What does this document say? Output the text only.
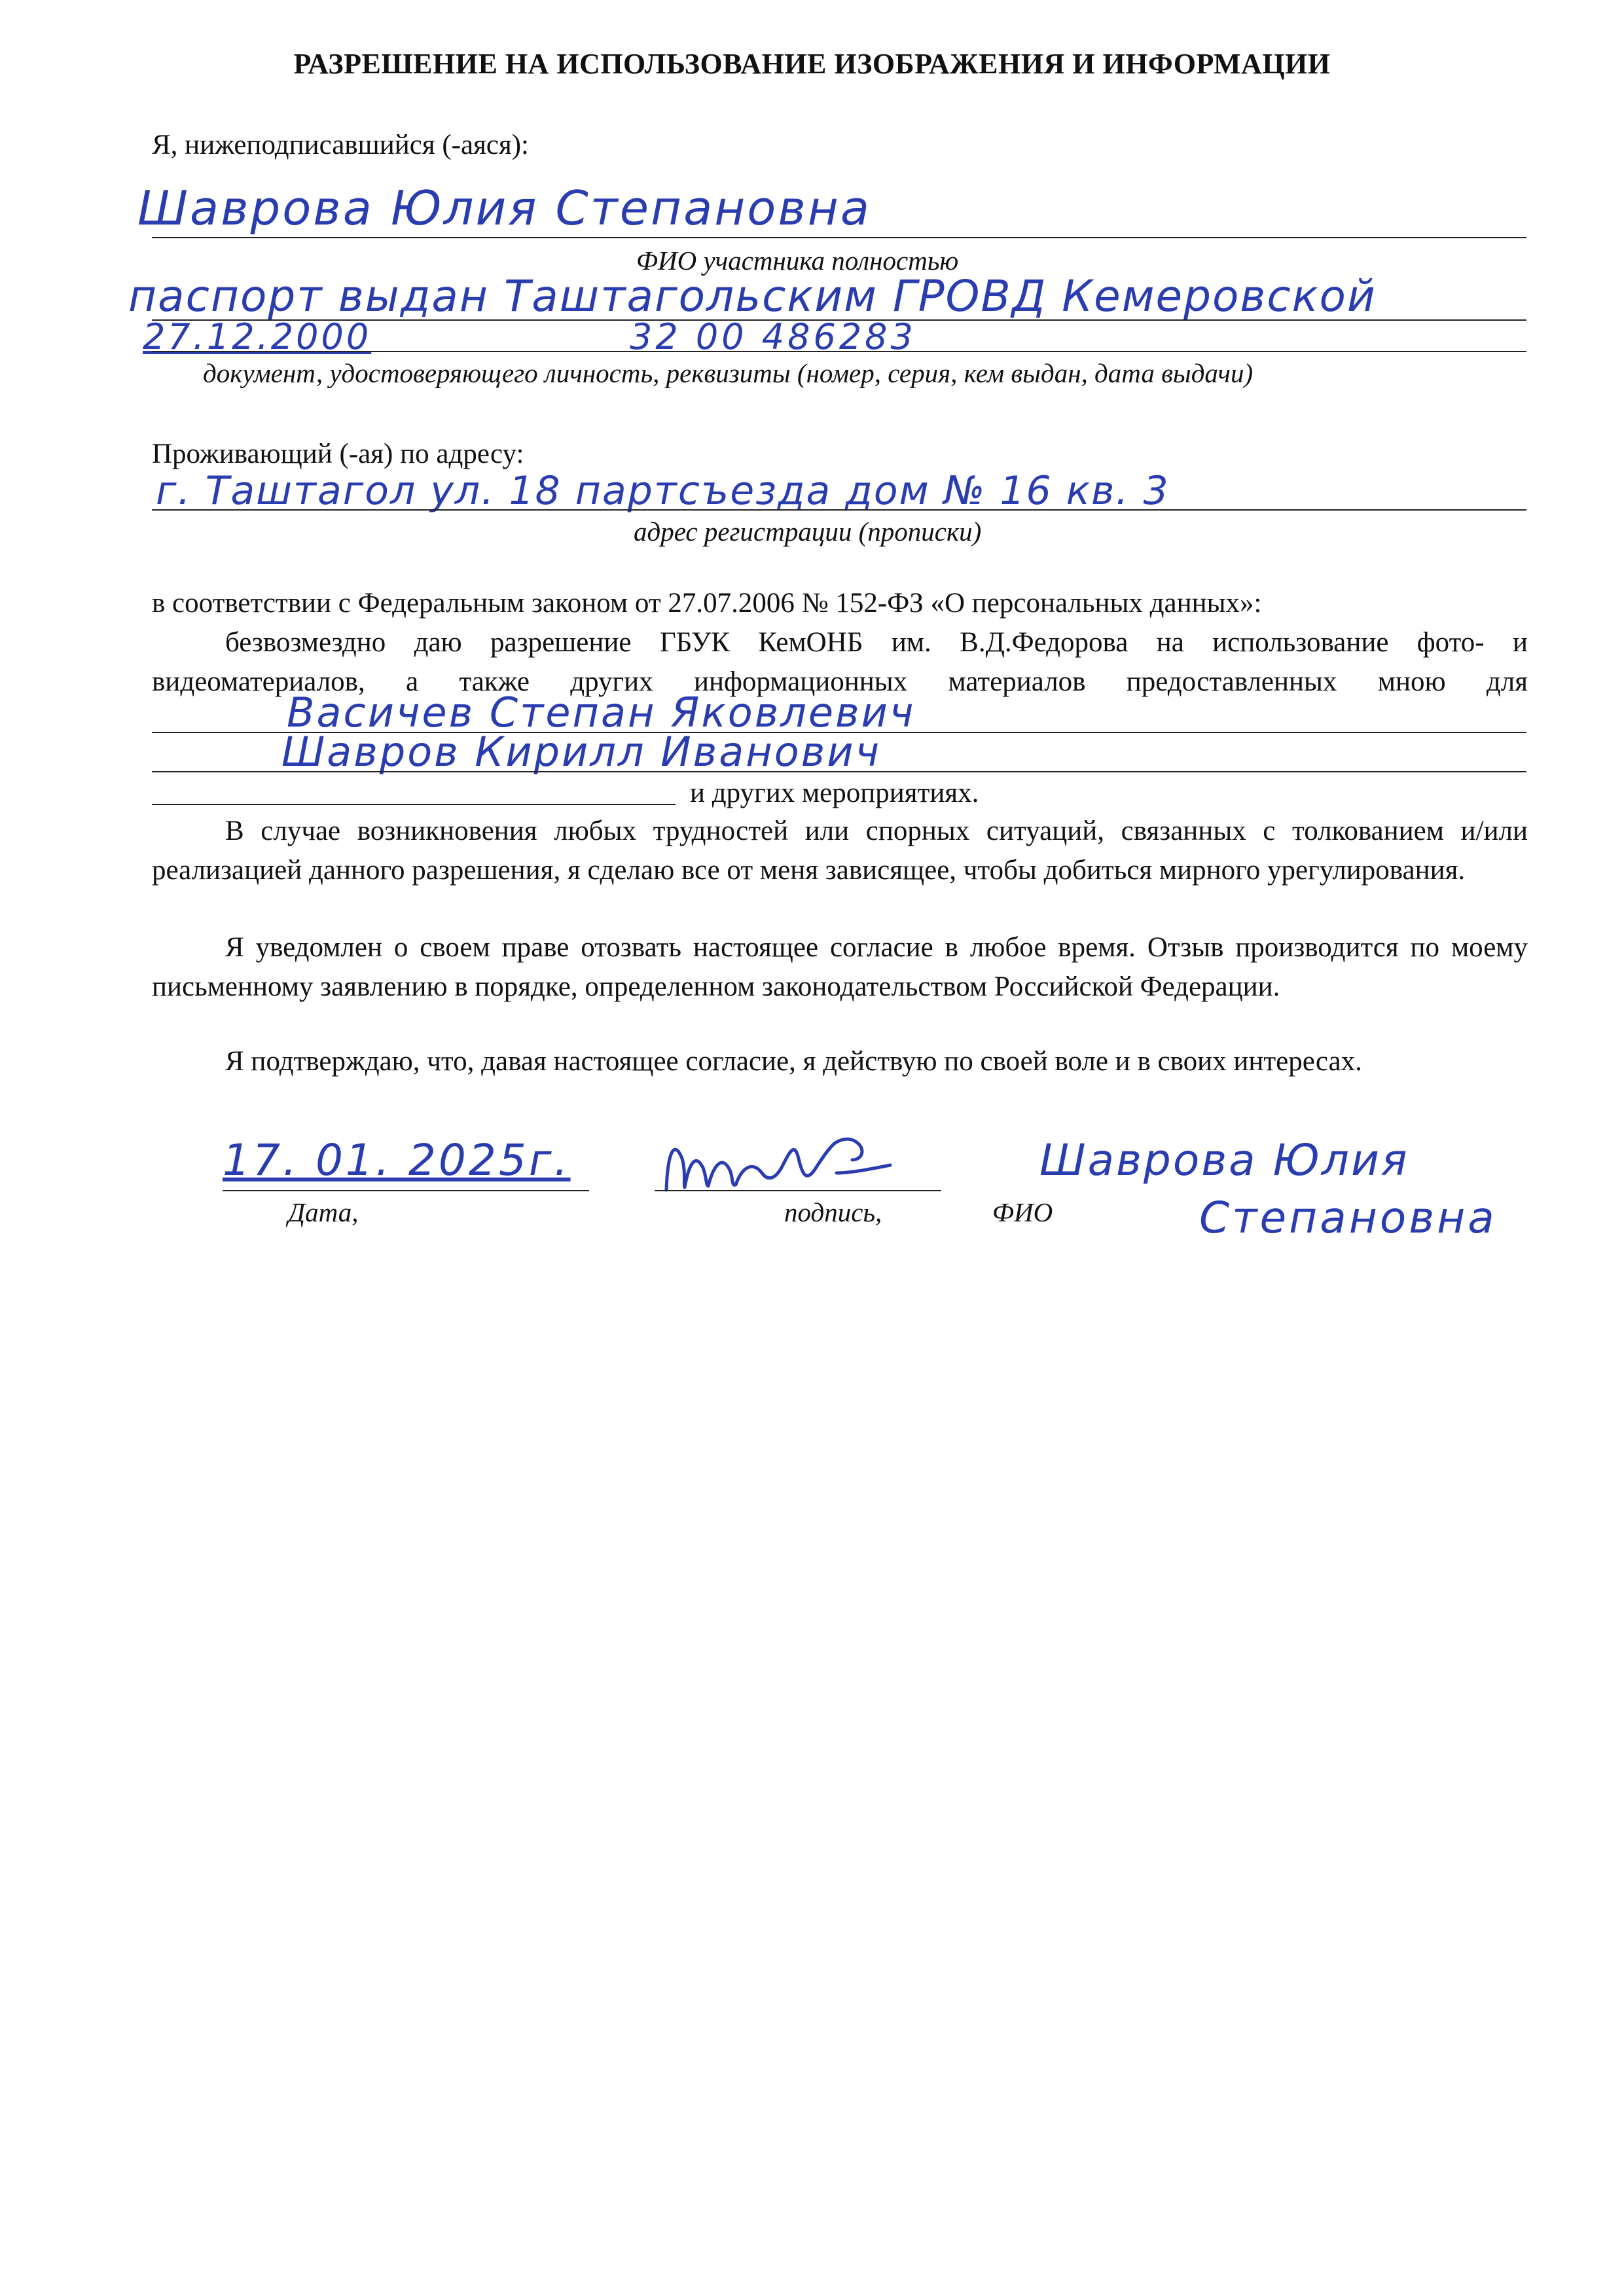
РАЗРЕШЕНИЕ НА ИСПОЛЬЗОВАНИЕ ИЗОБРАЖЕНИЯ И ИНФОРМАЦИИ
Я, нижеподписавшийся (-аяся):
Шаврова Юлия Степановна
ФИО участника полностью
паспорт выдан Таштагольским ГРОВД Кемеровской
27.12.2000	32 00 486283
документ, удостоверяющего личность, реквизиты (номер, серия, кем выдан, дата выдачи)
Проживающий (-ая) по адресу:
г. Таштагол ул. 18 партсъезда дом № 16 кв. 3
адрес регистрации (прописки)
в соответствии с Федеральным законом от 27.07.2006 № 152-ФЗ «О персональных данных»:
безвозмездно даю разрешение ГБУК КемОНБ им. В.Д.Федорова на использование фото- и
видеоматериалов, а также других информационных материалов предоставленных мною для
Васичев Степан Яковлевич
Шавров Кирилл Иванович
и других мероприятиях.
В случае возникновения любых трудностей или спорных ситуаций, связанных с толкованием и/или реализацией данного разрешения, я сделаю все от меня зависящее, чтобы добиться мирного урегулирования.
Я уведомлен о своем праве отозвать настоящее согласие в любое время. Отзыв производится по моему письменному заявлению в порядке, определенном законодательством Российской Федерации.
Я подтверждаю, что, давая настоящее согласие, я действую по своей воле и в своих интересах.
17. 01. 2025г.
Дата,	подпись,	ФИО
Шаврова Юлия
Степановна
